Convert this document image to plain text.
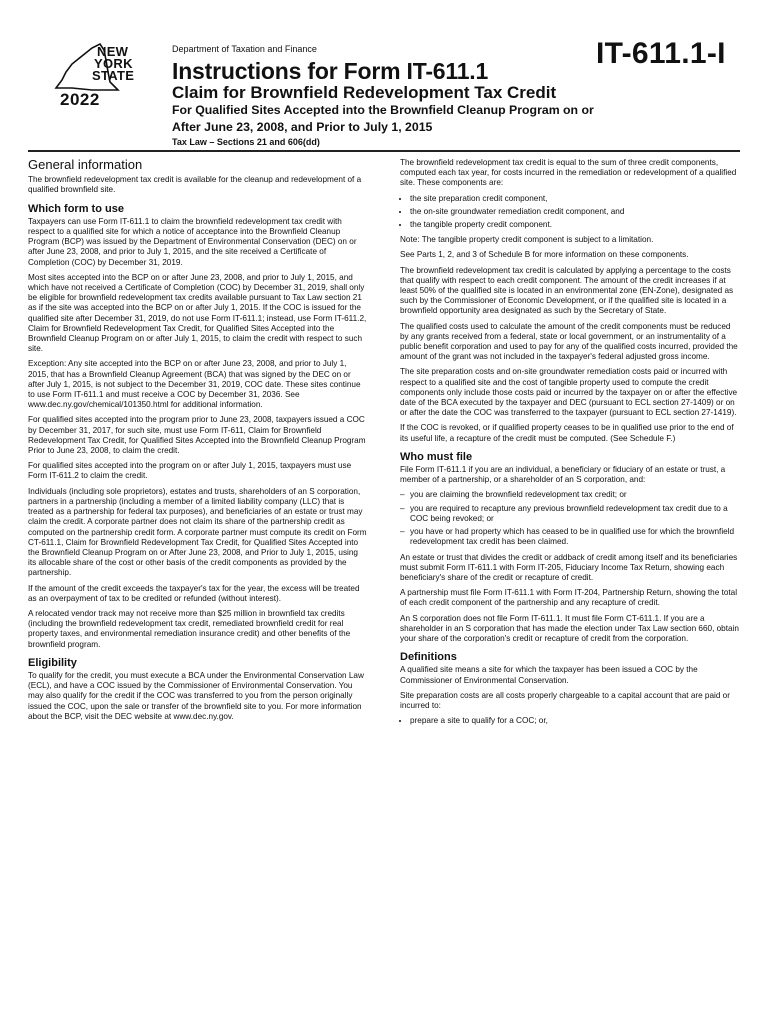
NEW
YORK
STATE
2022
Department of Taxation and Finance	IT-611.1-I
Instructions for Form IT-611.1
Claim for Brownfield Redevelopment Tax Credit
For Qualified Sites Accepted into the Brownfield Cleanup Program on or After June 23, 2008, and Prior to July 1, 2015
Tax Law – Sections 21 and 606(dd)
General information

The brownfield redevelopment tax credit is available for the cleanup and redevelopment of a qualified brownfield site.

Which form to use

Taxpayers can use Form IT-611.1 to claim the brownfield redevelopment tax credit with respect to a qualified site for which a notice of acceptance into the Brownfield Cleanup Program (BCP) was issued by the Department of Environmental Conservation (DEC) on or after June 23, 2008, and prior to July 1, 2015, and the site received a Certificate of Completion (COC) by December 31, 2019.

Most sites accepted into the BCP on or after June 23, 2008, and prior to July 1, 2015, and which have not received a Certificate of Completion (COC) by December 31, 2019, shall only be eligible for brownfield redevelopment tax credits available pursuant to Tax Law section 21 as if the site was accepted into the BCP on or after July 1, 2015. If the COC is issued for the qualified site after December 31, 2019, do not use Form IT-611.1; instead, use Form IT-611.2, Claim for Brownfield Redevelopment Tax Credit, for Qualified Sites Accepted into the Brownfield Cleanup Program on or after July 1, 2015, to claim the credit with respect to such site.

Exception: Any site accepted into the BCP on or after June 23, 2008, and prior to July 1, 2015, that has a Brownfield Cleanup Agreement (BCA) that was signed by the DEC on or after July 1, 2015, is not subject to the December 31, 2019, COC date. These sites continue to use Form IT-611.1 and must receive a COC by December 31, 2036. See www.dec.ny.gov/chemical/101350.html for additional information.

For qualified sites accepted into the program prior to June 23, 2008, taxpayers issued a COC by December 31, 2017, for such site, must use Form IT-611, Claim for Brownfield Redevelopment Tax Credit, for Qualified Sites Accepted into the Brownfield Cleanup Program Prior to June 23, 2008, to claim the credit.

For qualified sites accepted into the program on or after July 1, 2015, taxpayers must use Form IT-611.2 to claim the credit.

Individuals (including sole proprietors), estates and trusts, shareholders of an S corporation, partners in a partnership (including a member of a limited liability company (LLC) that is treated as a partnership for federal tax purposes), and beneficiaries of an estate or trust may claim the credit. A corporate partner does not claim its share of the partnership credit as computed on the partnership credit form. A corporate partner must compute its credit on Form CT-611.1, Claim for Brownfield Redevelopment Tax Credit, for Qualified Sites Accepted into the Brownfield Cleanup Program on or After June 23, 2008, and Prior to July 1, 2015, using its allocable share of the cost or other basis of the credit components as provided by the partnership.

If the amount of the credit exceeds the taxpayer's tax for the year, the excess will be treated as an overpayment of tax to be credited or refunded (without interest).

A relocated vendor track may not receive more than $25 million in brownfield tax credits (including the brownfield redevelopment tax credit, remediated brownfield credit for real property taxes, and environmental remediation insurance credit) and other benefits of the brownfield program.

Eligibility

To qualify for the credit, you must execute a BCA under the Environmental Conservation Law (ECL), and have a COC issued by the Commissioner of Environmental Conservation. You may also qualify for the credit if the COC was transferred to you from the person originally issued the COC, upon the sale or transfer of the brownfield site to you. For more information about the BCP, visit the DEC website at www.dec.ny.gov.

The brownfield redevelopment tax credit is equal to the sum of three credit components, computed each tax year, for costs incurred in the remediation or redevelopment of a qualified site. These components are:

• the site preparation credit component,
• the on-site groundwater remediation credit component, and
• the tangible property credit component.

Note: The tangible property credit component is subject to a limitation.

See Parts 1, 2, and 3 of Schedule B for more information on these components.

The brownfield redevelopment tax credit is calculated by applying a percentage to the costs that qualify with respect to each credit component. The amount of the credit increases if at least 50% of the qualified site is located in an environmental zone (EN-Zone), designated as such by the Commissioner of Economic Development, or if the qualified site is located in a brownfield opportunity area designated as such by the Secretary of State.

The qualified costs used to calculate the amount of the credit components must be reduced by any grants received from a federal, state or local government, or an instrumentality of a public benefit corporation and used to pay for any of the qualified costs incurred, provided the amount of the grant was not included in the taxpayer's federal adjusted gross income.

The site preparation costs and on-site groundwater remediation costs paid or incurred with respect to a qualified site and the cost of tangible property used to compute the credit components only include those costs paid or incurred by the taxpayer on or after the effective date of the BCA executed by the taxpayer and DEC (pursuant to ECL section 27-1409) or on or after the date the COC was transferred to the taxpayer (pursuant to ECL section 27-1419).

If the COC is revoked, or if qualified property ceases to be in qualified use prior to the end of its useful life, a recapture of the credit must be computed. (See Schedule F.)

Who must file

File Form IT-611.1 if you are an individual, a beneficiary or fiduciary of an estate or trust, a member of a partnership, or a shareholder of an S corporation, and:

– you are claiming the brownfield redevelopment tax credit; or
– you are required to recapture any previous brownfield redevelopment tax credit due to a COC being revoked; or
– you have or had property which has ceased to be in qualified use for which the brownfield redevelopment tax credit has been claimed.

An estate or trust that divides the credit or addback of credit among itself and its beneficiaries must submit Form IT-611.1 with Form IT-205, Fiduciary Income Tax Return, showing each beneficiary's share of the credit or recapture of credit.

A partnership must file Form IT-611.1 with Form IT-204, Partnership Return, showing the total of each credit component of the partnership and any recapture of credit.

An S corporation does not file Form IT-611.1. It must file Form CT-611.1. If you are a shareholder in an S corporation that has made the election under Tax Law section 660, obtain your share of the corporation's credit or recapture of credit from the corporation.

Definitions

A qualified site means a site for which the taxpayer has been issued a COC by the Commissioner of Environmental Conservation.

Site preparation costs are all costs properly chargeable to a capital account that are paid or incurred to:

• prepare a site to qualify for a COC; or,
